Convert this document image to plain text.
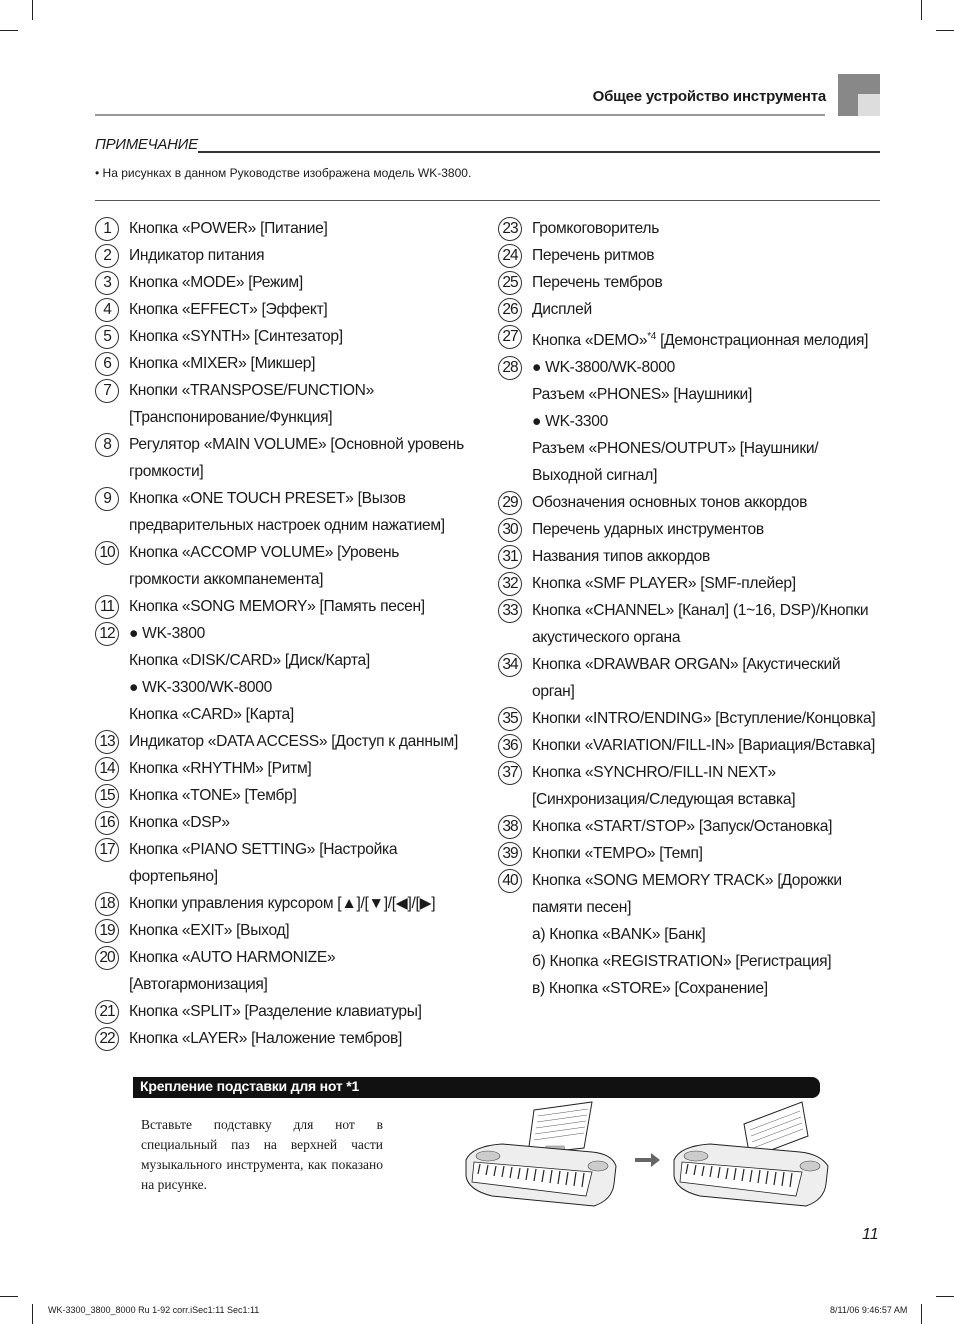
Общее устройство инструмента
ПРИМЕЧАНИЕ
• На рисунках в данном Руководстве изображена модель WK-3800.
1	Кнопка «POWER» [Питание]
2	Индикатор питания
3	Кнопка «MODE» [Режим]
4	Кнопка «EFFECT» [Эффект]
5	Кнопка «SYNTH» [Синтезатор]
6	Кнопка «MIXER» [Микшер]
7	Кнопки «TRANSPOSE/FUNCTION»
[Транспонирование/Функция]
8	Регулятор «MAIN VOLUME» [Основной уровень
громкости]
9	Кнопка «ONE TOUCH PRESET» [Вызов
предварительных настроек одним нажатием]
10 Кнопка «ACCOMP VOLUME» [Уровень
громкости аккомпанемента]
11 Кнопка «SONG MEMORY» [Память песен]
12 ● WK-3800
Кнопка «DISK/CARD» [Диск/Карта]
● WK-3300/WK-8000
Кнопка «CARD» [Карта]
13 Индикатор «DATA ACCESS» [Доступ к данным]
14 Кнопка «RHYTHM» [Ритм]
15 Кнопка «TONE» [Тембр]
16 Кнопка «DSP»
17 Кнопка «PIANO SETTING» [Настройка
фортепьяно]
18 Кнопки управления курсором [▲]/[▼]/[◀]/[▶]
19 Кнопка «EXIT» [Выход]
20 Кнопка «AUTO HARMONIZE»
[Автогармонизация]
21 Кнопка «SPLIT» [Разделение клавиатуры]
22 Кнопка «LAYER» [Наложение тембров]
23 Громкоговоритель
24 Перечень ритмов
25 Перечень тембров
26 Дисплей
27 Кнопка «DEMO»$^{*4}$ [Демонстрационная мелодия]
28 ● WK-3800/WK-8000
Разъем «PHONES» [Наушники]
● WK-3300
Разъем «PHONES/OUTPUT» [Наушники/
Выходной сигнал]
29 Обозначения основных тонов аккордов
30 Перечень ударных инструментов
31 Названия типов аккордов
32 Кнопка «SMF PLAYER» [SMF-плейер]
33 Кнопка «CHANNEL» [Канал] (1~16, DSP)/Кнопки
акустического органа
34 Кнопка «DRAWBAR ORGAN» [Акустический
орган]
35 Кнопки «INTRO/ENDING» [Вступление/Концовка]
36 Кнопки «VARIATION/FILL-IN» [Вариация/Вставка]
37 Кнопка «SYNCHRO/FILL-IN NEXT»
[Синхронизация/Следующая вставка]
38 Кнопка «START/STOP» [Запуск/Остановка]
39 Кнопки «TEMPO» [Темп]
40 Кнопка «SONG MEMORY TRACK» [Дорожки
памяти песен]
а) Кнопка «BANK» [Банк]
б) Кнопка «REGISTRATION» [Регистрация]
в) Кнопка «STORE» [Сохранение]
Крепление подставки для нот *1
Вставьте подставку для нот в специальный паз на верхней части музыкального инструмента, как показано на рисунке.
11
WK-3300_3800_8000 Ru 1-92 corr.iSec1:11 Sec1:11	8/11/06 9:46:57 AM
